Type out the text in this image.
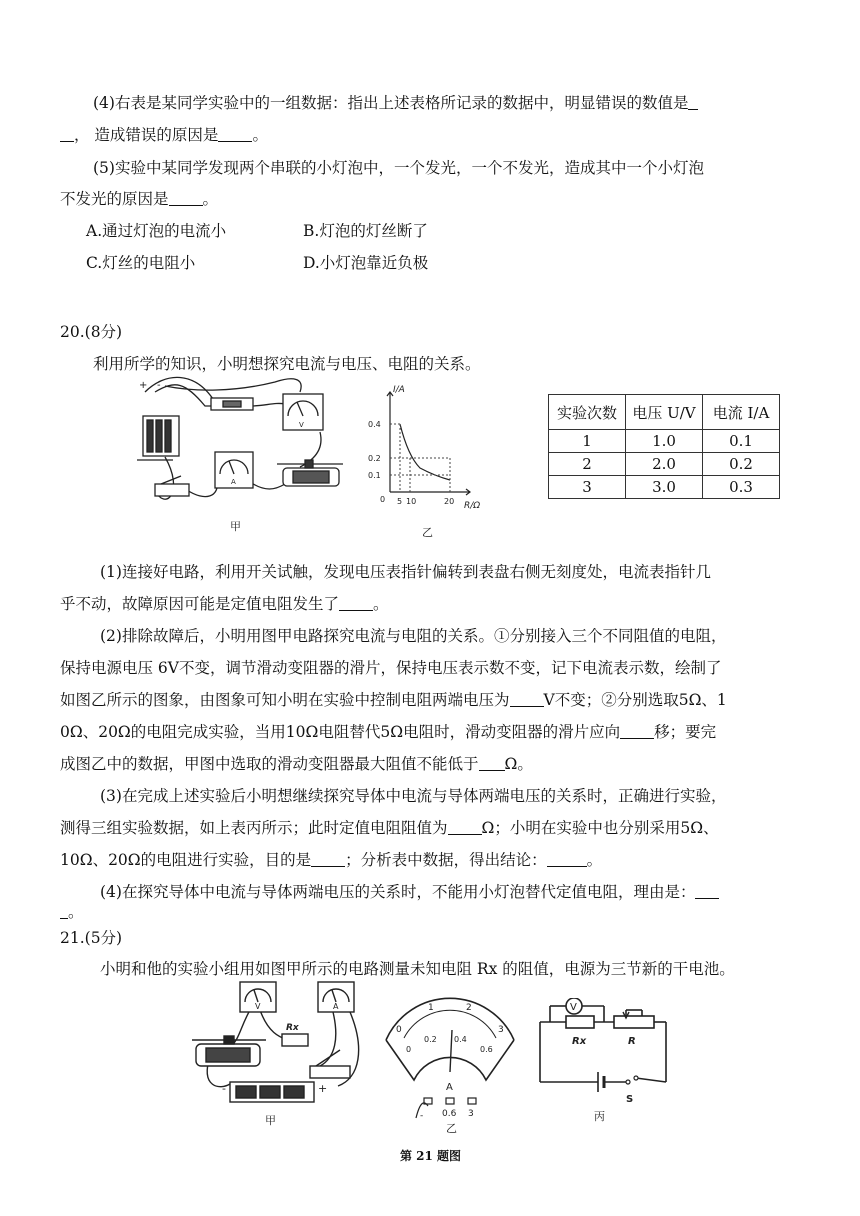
(4)右表是某同学实验中的一组数据：指出上述表格所记录的数据中，明显错误的数值是
， 造成错误的原因是 。
(5)实验中某同学发现两个串联的小灯泡中，一个发光，一个不发光，造成其中一个小灯泡
不发光的原因是 。
A.通过灯泡的电流小	B.灯泡的灯丝断了
C.灯丝的电阻小	D.小灯泡靠近负极
20.(8分)
利用所学的知识，小明想探究电流与电压、电阻的关系。
+ -
V
A
甲
I/A
R/Ω
0.4
0.2
0.1
0 5 10	20
乙
实验次数	电压 U/V	电流 I/A
1	1.0	0.1
2	2.0	0.2
3	3.0	0.3
(1)连接好电路，利用开关试触，发现电压表指针偏转到表盘右侧无刻度处，电流表指针几
乎不动，故障原因可能是定值电阻发生了 。
(2)排除故障后，小明用图甲电路探究电流与电阻的关系。①分别接入三个不同阻值的电阻，
保持电源电压 6V不变，调节滑动变阻器的滑片，保持电压表示数不变，记下电流表示数，绘制了
如图乙所示的图象，由图象可知小明在实验中控制电阻两端电压为 V不变；②分别选取5Ω、1
0Ω、20Ω的电阻完成实验，当用10Ω电阻替代5Ω电阻时，滑动变阻器的滑片应向 移；要完
成图乙中的数据，甲图中选取的滑动变阻器最大阻值不能低于 Ω。
(3)在完成上述实验后小明想继续探究导体中电流与导体两端电压的关系时，正确进行实验，
测得三组实验数据，如上表丙所示；此时定值电阻阻值为 Ω；小明在实验中也分别采用5Ω、
10Ω、20Ω的电阻进行实验，目的是 ；分析表中数据，得出结论：	。
(4)在探究导体中电流与导体两端电压的关系时，不能用小灯泡替代定值电阻，理由是：
。
21.(5分)
小明和他的实验小组用如图甲所示的电路测量未知电阻 Rx 的阻值，电源为三节新的干电池。
V	A
Rx
-	+
甲
0
1	2
3
0
0.2 0.4
0.6
A
- 0.6 3
乙
V
Rx	R
S
丙
第 21 题图
